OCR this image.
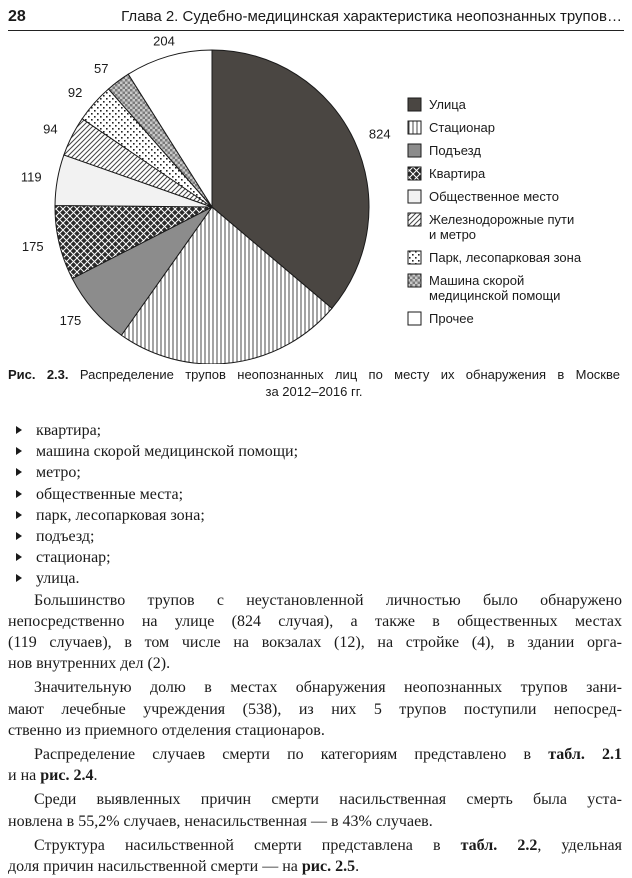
28	Глава 2. Судебно-медицинская характеристика неопознанных трупов…
824
175
175
119
94
92
57
204
Улица
Стационар
Подъезд
Квартира
Общественное место
Железнодорожные пути
и метро
Парк, лесопарковая зона
Машина скорой
медицинской помощи
Прочее
Рис. 2.3. Распределение трупов неопознанных лиц по месту их обнаружения в Москве
за 2012–2016 гг.
квартира;
машина скорой медицинской помощи;
метро;
общественные места;
парк, лесопарковая зона;
подъезд;
стационар;
улица.

Большинство трупов с неустановленной личностью было обнаружено
непосредственно на улице (824 случая), а также в общественных местах
(119 случаев), в том числе на вокзалах (12), на стройке (4), в здании орга-
нов внутренних дел (2).

Значительную долю в местах обнаружения неопознанных трупов зани-
мают лечебные учреждения (538), из них 5 трупов поступили непосред-
ственно из приемного отделения стационаров.

Распределение случаев смерти по категориям представлено в табл. 2.1
и на рис. 2.4.

Среди выявленных причин смерти насильственная смерть была уста-
новлена в 55,2% случаев, ненасильственная — в 43% случаев.

Структура насильственной смерти представлена в табл. 2.2, удельная
доля причин насильственной смерти — на рис. 2.5.
